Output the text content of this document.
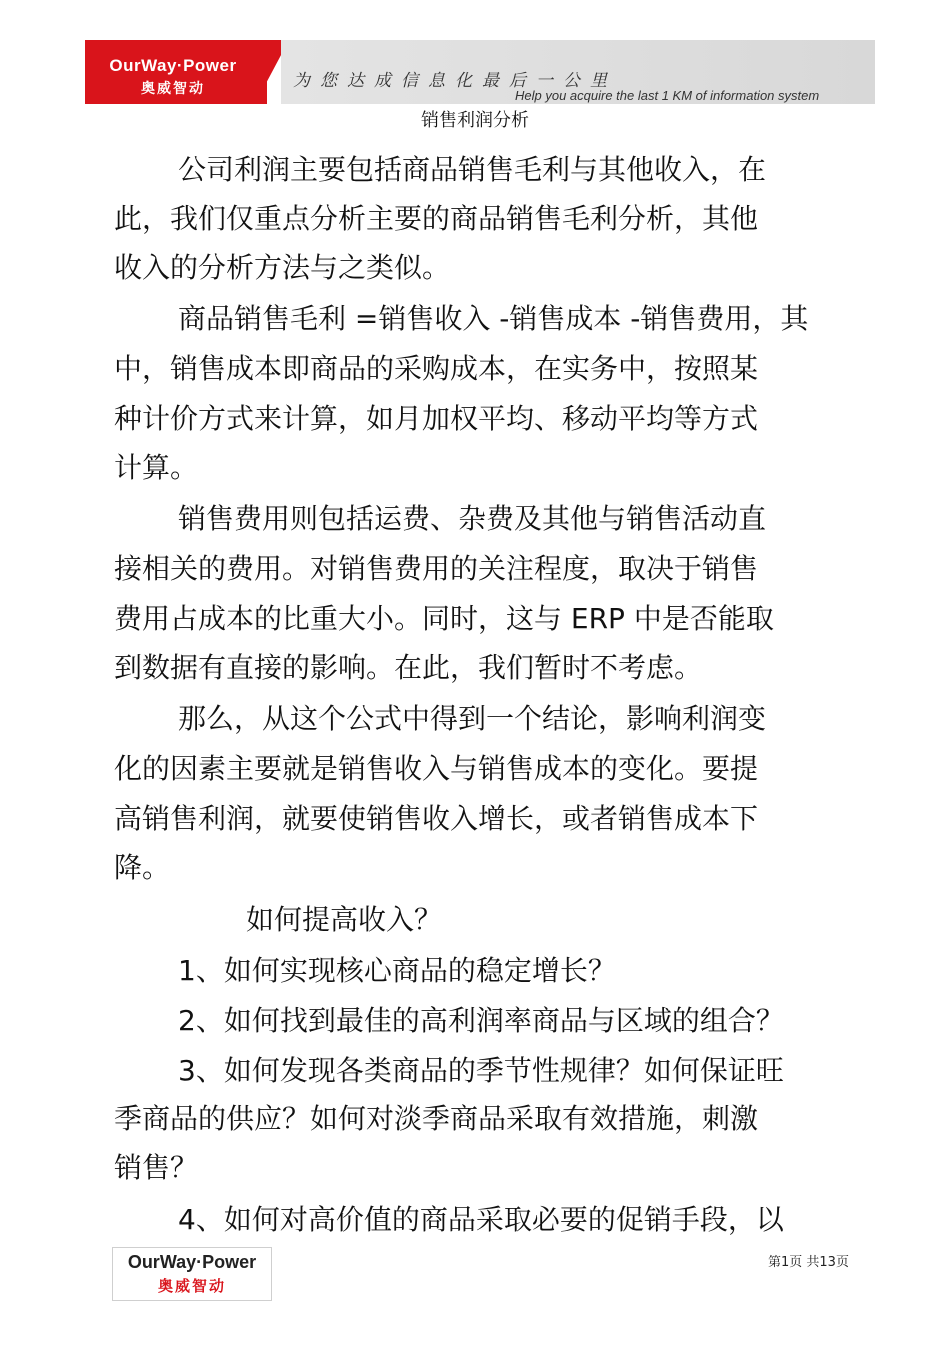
OurWay·Power
奥威智动	为您达成信息化最后一公里
Help you acquire the last 1 KM of information system
销售利润分析
公司利润主要包括商品销售毛利与其他收入，在
此，我们仅重点分析主要的商品销售毛利分析，其他
收入的分析方法与之类似。
商品销售毛利 =销售收入 -销售成本 -销售费用，其
中，销售成本即商品的采购成本，在实务中，按照某
种计价方式来计算，如月加权平均、移动平均等方式
计算。
销售费用则包括运费、杂费及其他与销售活动直
接相关的费用。对销售费用的关注程度，取决于销售
费用占成本的比重大小。同时，这与 ERP 中是否能取
到数据有直接的影响。在此，我们暂时不考虑。
那么，从这个公式中得到一个结论，影响利润变
化的因素主要就是销售收入与销售成本的变化。要提
高销售利润，就要使销售收入增长，或者销售成本下
降。
如何提高收入？
1、如何实现核心商品的稳定增长？
2、如何找到最佳的高利润率商品与区域的组合？
3、如何发现各类商品的季节性规律？如何保证旺
季商品的供应？如何对淡季商品采取有效措施，刺激
销售？
4、如何对高价值的商品采取必要的促销手段，以
OurWay·Power
奥威智动
第1页 共13页
